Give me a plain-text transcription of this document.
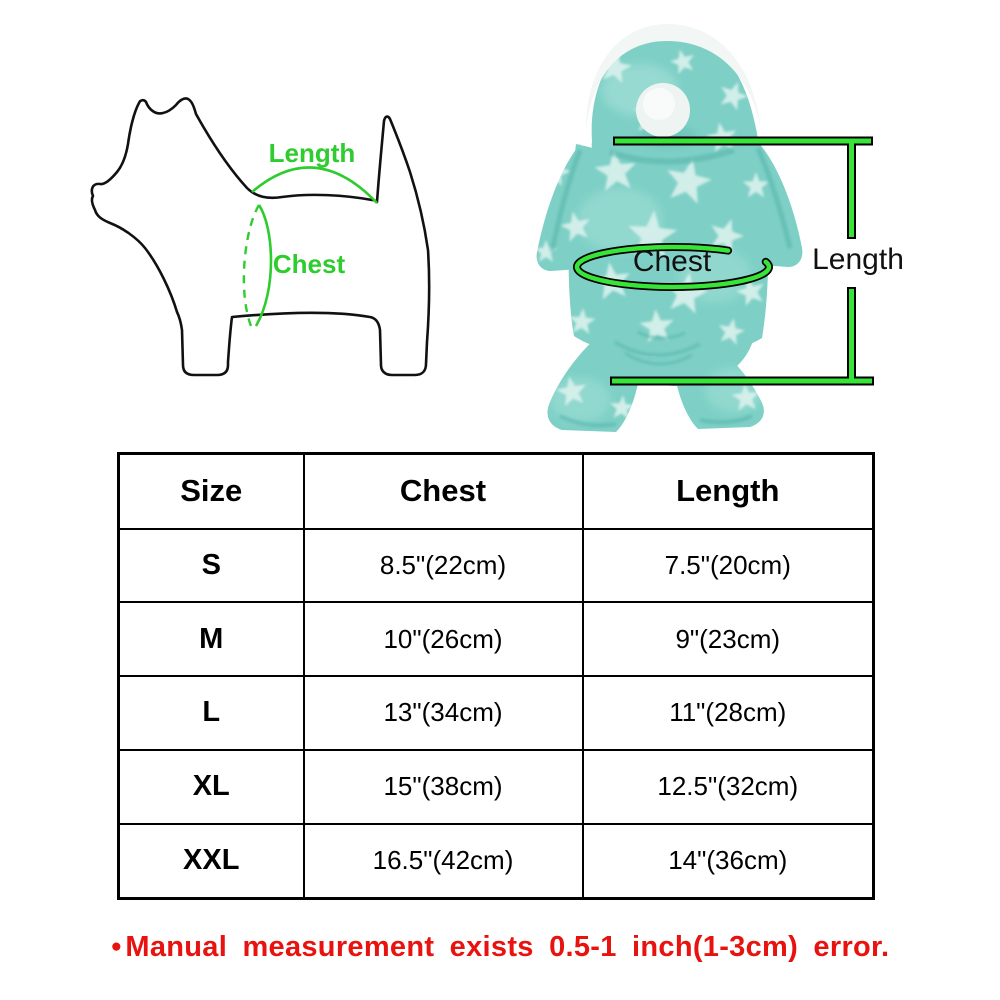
Length
Chest	Chest	Length
Size	Chest	Length
S	8.5"(22cm)	7.5"(20cm)
M	10"(26cm)	9"(23cm)
L	13"(34cm)	11"(28cm)
XL	15"(38cm)	12.5"(32cm)
XXL	16.5"(42cm)	14"(36cm)
● Manual measurement exists 0.5-1 inch(1-3cm) error.
